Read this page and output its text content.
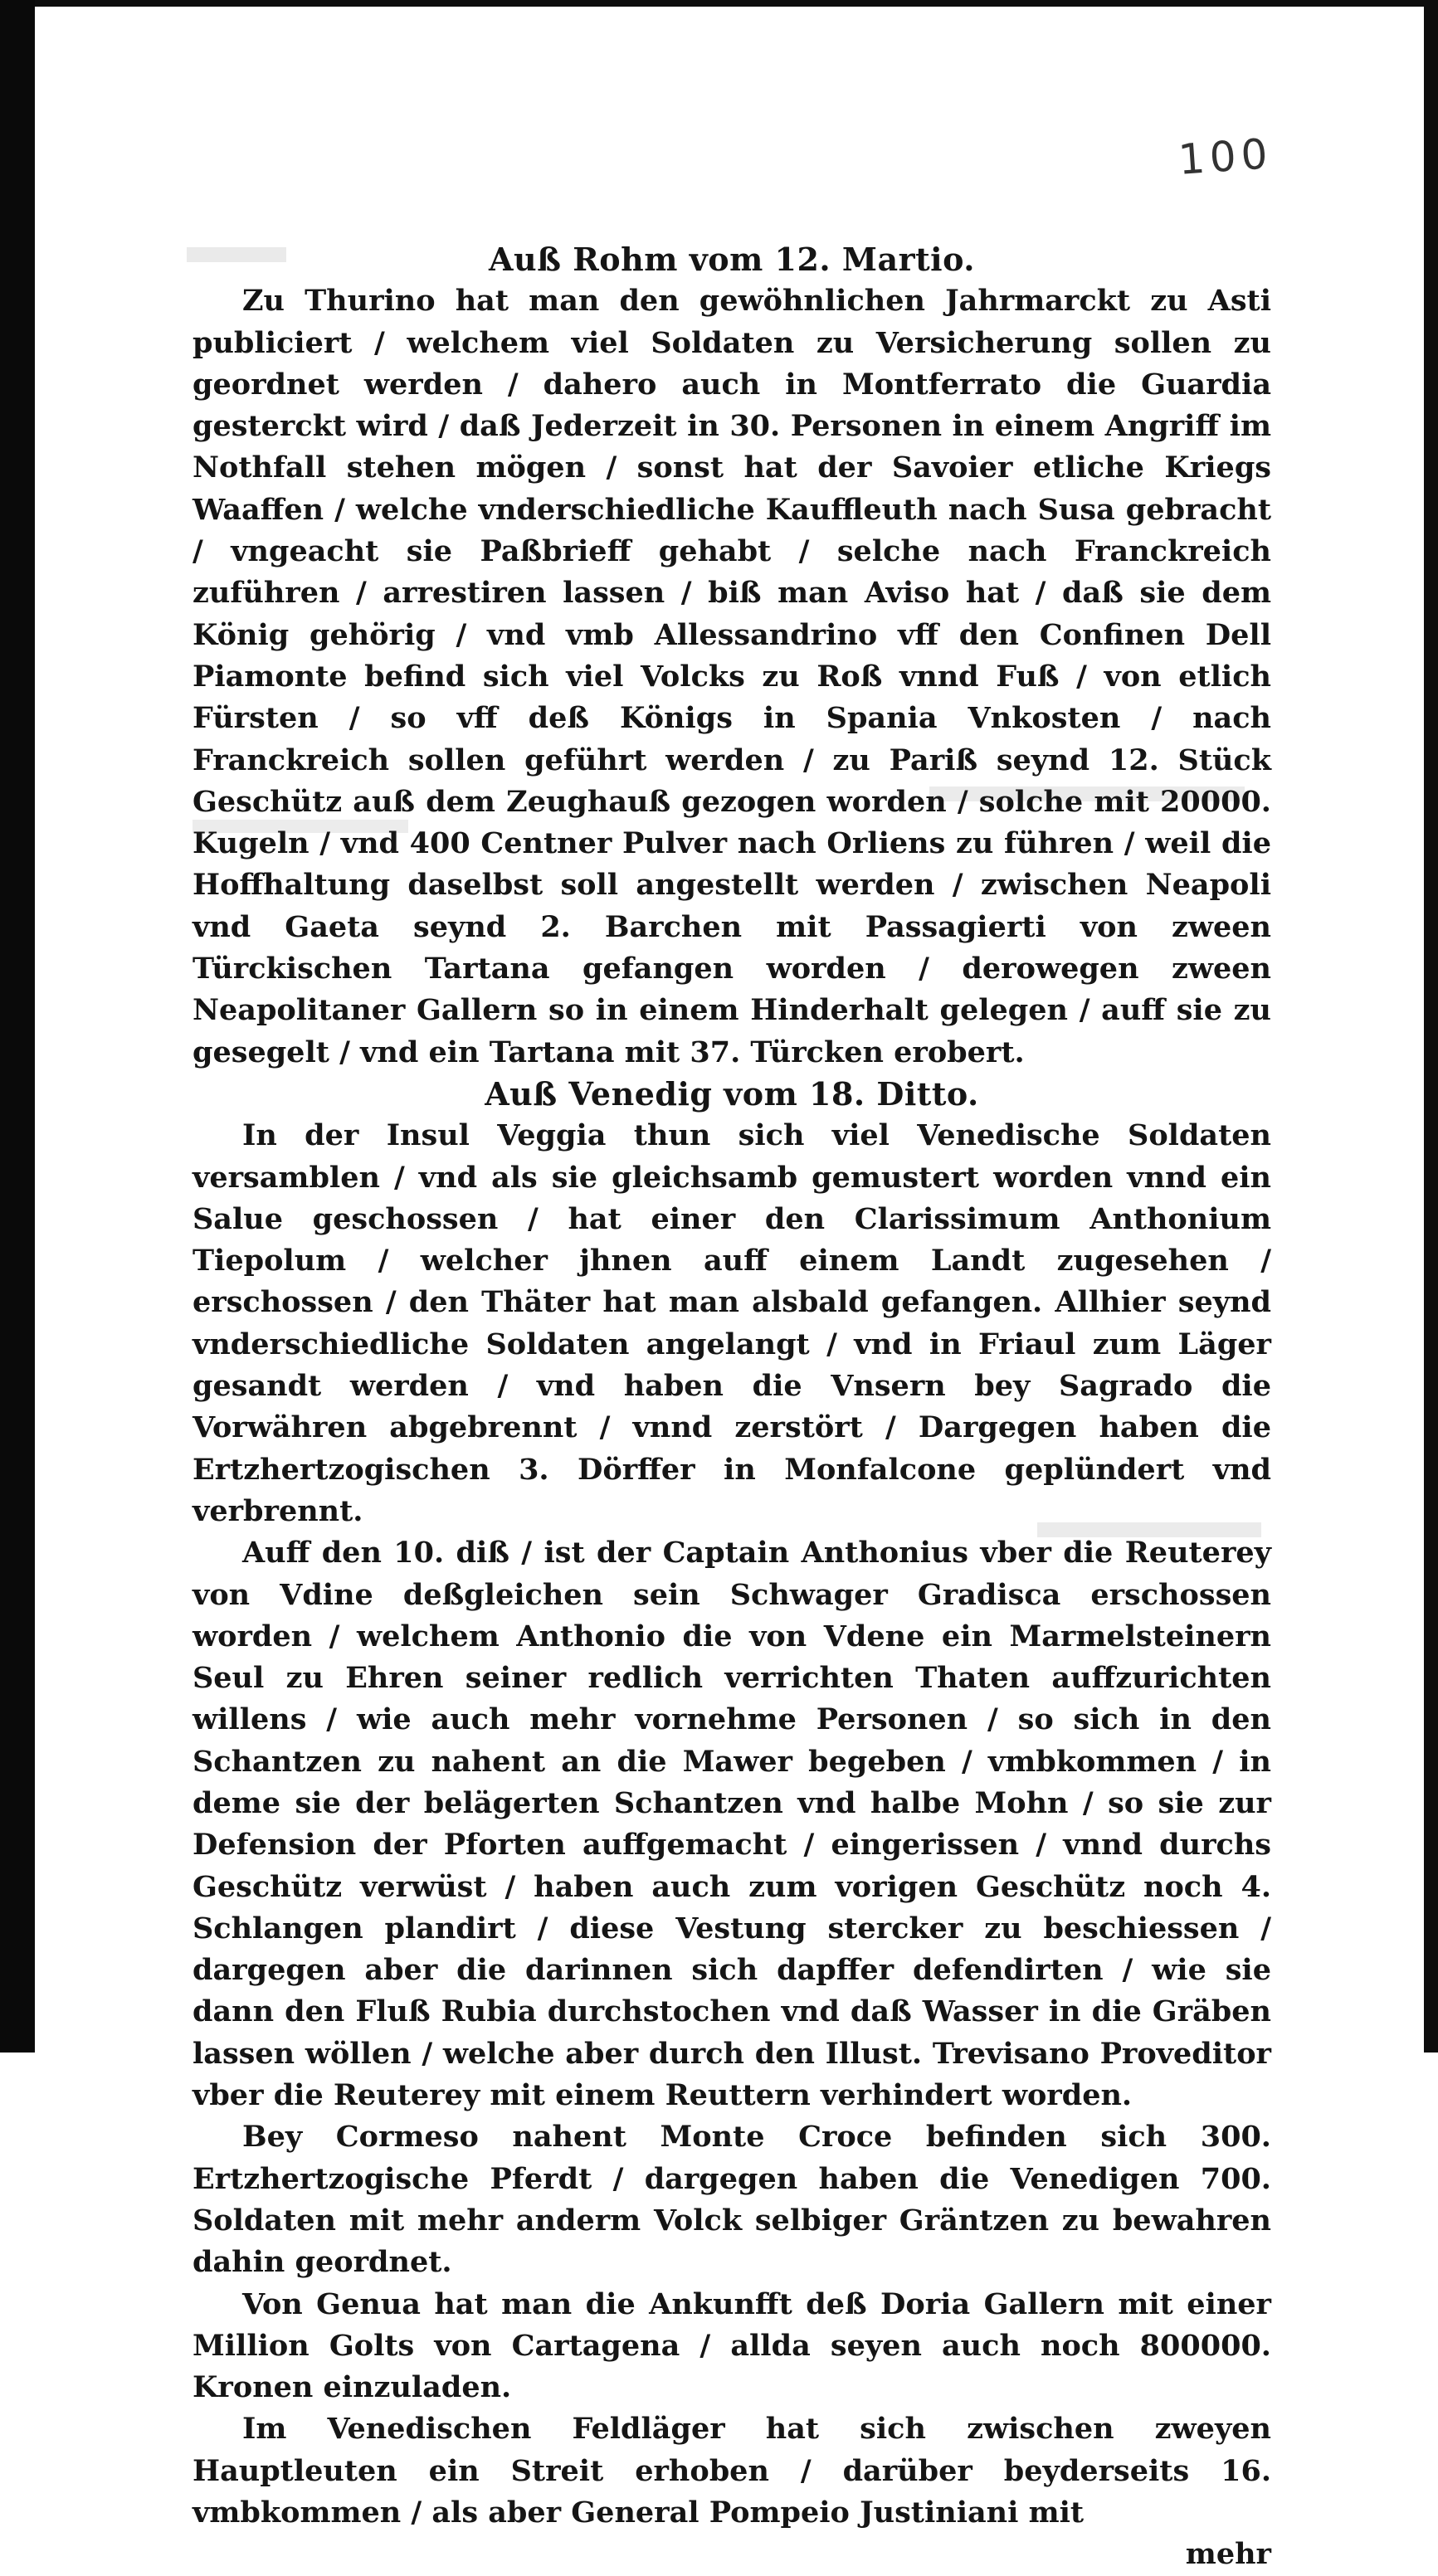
100

Auß Rohm vom 12. Martio.

Zu Thurino hat man den gewöhnlichen Jahrmarckt zu Asti publiciert / welchem viel Soldaten zu Versicherung sollen zu geordnet werden / dahero auch in Montferrato die Guardia gesterckt wird / daß Jederzeit in 30. Personen in einem Angriff im Nothfall stehen mögen / sonst hat der Savoier etliche Kriegs Waaffen / welche vnderschiedliche Kauffleuth nach Susa gebracht / vngeacht sie Paßbrieff gehabt / selche nach Franckreich zuführen / arrestiren lassen / biß man Aviso hat / daß sie dem König gehörig / vnd vmb Allessandrino vff den Confinen Dell Piamonte befind sich viel Volcks zu Roß vnnd Fuß / von etlich Fürsten / so vff deß Königs in Spania Vnkosten / nach Franckreich sollen geführt werden / zu Pariß seynd 12. Stück Geschütz auß dem Zeughauß gezogen worden / solche mit 20000. Kugeln / vnd 400 Centner Pulver nach Orliens zu führen / weil die Hoffhaltung daselbst soll angestellt werden / zwischen Neapoli vnd Gaeta seynd 2. Barchen mit Passagierti von zween Türckischen Tartana gefangen worden / derowegen zween Neapolitaner Gallern so in einem Hinderhalt gelegen / auff sie zu gesegelt / vnd ein Tartana mit 37. Türcken erobert.

Auß Venedig vom 18. Ditto.

In der Insul Veggia thun sich viel Venedische Soldaten versamblen / vnd als sie gleichsamb gemustert worden vnnd ein Salue geschossen / hat einer den Clarissimum Anthonium Tiepolum / welcher jhnen auff einem Landt zugesehen / erschossen / den Thäter hat man alsbald gefangen. Allhier seynd vnderschiedliche Soldaten angelangt / vnd in Friaul zum Läger gesandt werden / vnd haben die Vnsern bey Sagrado die Vorwähren abgebrennt / vnnd zerstört / Dargegen haben die Ertzhertzogischen 3. Dörffer in Monfalcone geplündert vnd verbrennt.

Auff den 10. diß / ist der Captain Anthonius vber die Reuterey von Vdine deßgleichen sein Schwager Gradisca erschossen worden / welchem Anthonio die von Vdene ein Marmelsteinern Seul zu Ehren seiner redlich verrichten Thaten auffzurichten willens / wie auch mehr vornehme Personen / so sich in den Schantzen zu nahent an die Mawer begeben / vmbkommen / in deme sie der belägerten Schantzen vnd halbe Mohn / so sie zur Defension der Pforten auffgemacht / eingerissen / vnnd durchs Geschütz verwüst / haben auch zum vorigen Geschütz noch 4. Schlangen plandirt / diese Vestung stercker zu beschiessen / dargegen aber die darinnen sich dapffer defendirten / wie sie dann den Fluß Rubia durchstochen vnd daß Wasser in die Gräben lassen wöllen / welche aber durch den Illust. Trevisano Proveditor vber die Reuterey mit einem Reuttern verhindert worden.

Bey Cormeso nahent Monte Croce befinden sich 300. Ertzhertzogische Pferdt / dargegen haben die Venedigen 700. Soldaten mit mehr anderm Volck selbiger Gräntzen zu bewahren dahin geordnet.

Von Genua hat man die Ankunfft deß Doria Gallern mit einer Million Golts von Cartagena / allda seyen auch noch 800000. Kronen einzuladen.

Im Venedischen Feldläger hat sich zwischen zweyen Hauptleuten ein Streit erhoben / darüber beyderseits 16. vmbkommen / als aber General Pompeio Justiniani mit

mehr
